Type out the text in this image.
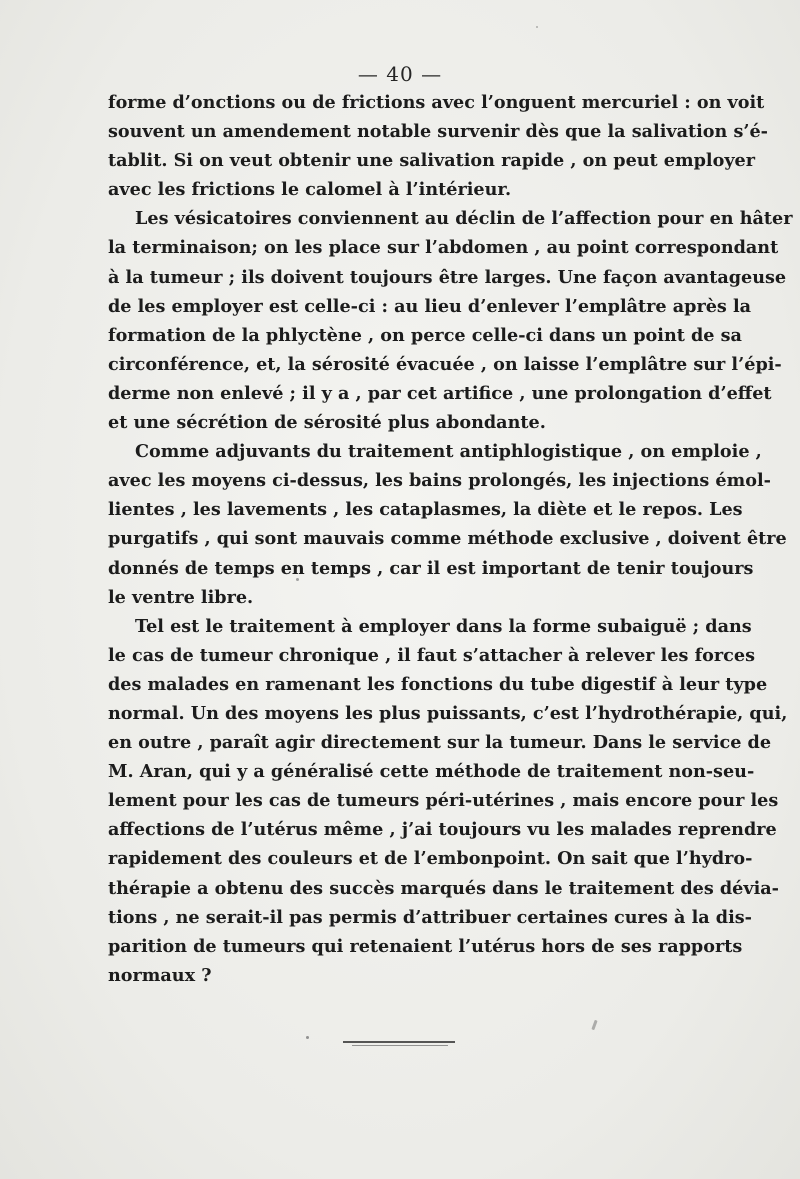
— 40 —
forme d’onctions ou de frictions avec l’onguent mercuriel : on voit
souvent un amendement notable survenir dès que la salivation s’é-
tablit. Si on veut obtenir une salivation rapide , on peut employer
avec les frictions le calomel à l’intérieur.
Les vésicatoires conviennent au déclin de l’affection pour en hâter
la terminaison; on les place sur l’abdomen , au point correspondant
à la tumeur ; ils doivent toujours être larges. Une façon avantageuse
de les employer est celle-ci : au lieu d’enlever l’emplâtre après la
formation de la phlyctène , on perce celle-ci dans un point de sa
circonférence, et, la sérosité évacuée , on laisse l’emplâtre sur l’épi-
derme non enlevé ; il y a , par cet artifice , une prolongation d’effet
et une sécrétion de sérosité plus abondante.
Comme adjuvants du traitement antiphlogistique , on emploie ,
avec les moyens ci-dessus, les bains prolongés, les injections émol-
lientes , les lavements , les cataplasmes, la diète et le repos. Les
purgatifs , qui sont mauvais comme méthode exclusive , doivent être
donnés de temps en temps , car il est important de tenir toujours
le ventre libre.
Tel est le traitement à employer dans la forme subaiguë ; dans
le cas de tumeur chronique , il faut s’attacher à relever les forces
des malades en ramenant les fonctions du tube digestif à leur type
normal. Un des moyens les plus puissants, c’est l’hydrothérapie, qui,
en outre , paraît agir directement sur la tumeur. Dans le service de
M. Aran, qui y a généralisé cette méthode de traitement non-seu-
lement pour les cas de tumeurs péri-utérines , mais encore pour les
affections de l’utérus même , j’ai toujours vu les malades reprendre
rapidement des couleurs et de l’embonpoint. On sait que l’hydro-
thérapie a obtenu des succès marqués dans le traitement des dévia-
tions , ne serait-il pas permis d’attribuer certaines cures à la dis-
parition de tumeurs qui retenaient l’utérus hors de ses rapports
normaux ?
